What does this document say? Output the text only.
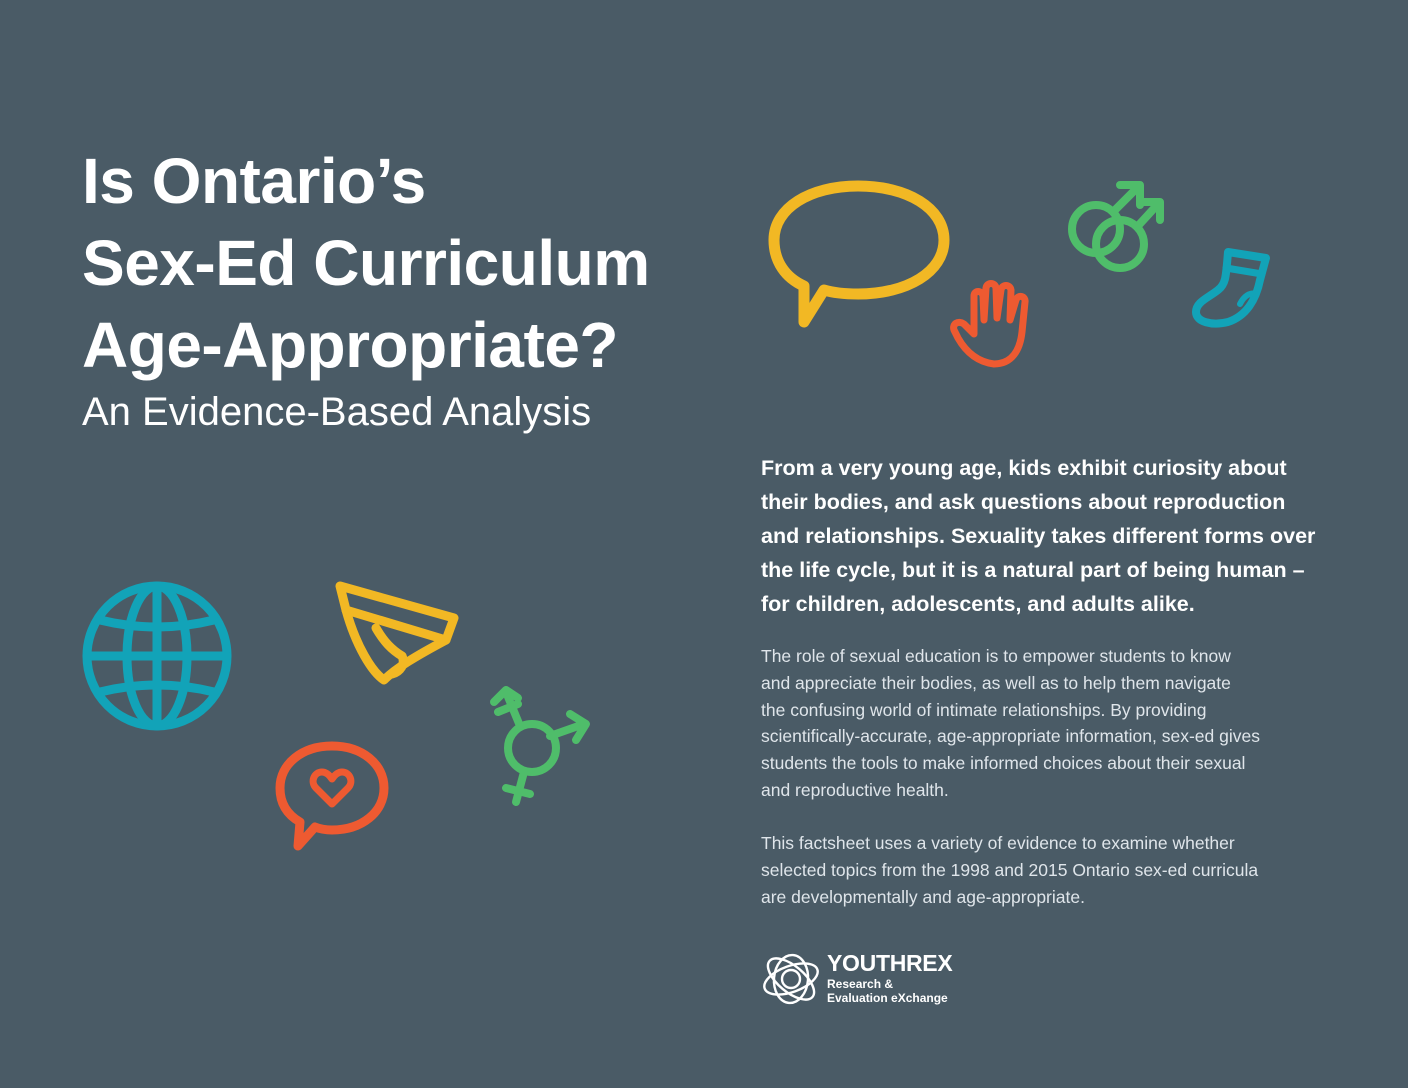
Is Ontario’s
Sex-Ed Curriculum
Age-Appropriate?
An Evidence-Based Analysis

From a very young age, kids exhibit curiosity about
their bodies, and ask questions about reproduction
and relationships. Sexuality takes different forms over
the life cycle, but it is a natural part of being human –
for children, adolescents, and adults alike.

The role of sexual education is to empower students to know
and appreciate their bodies, as well as to help them navigate
the confusing world of intimate relationships. By providing
scientifically-accurate, age-appropriate information, sex-ed gives
students the tools to make informed choices about their sexual
and reproductive health.

This factsheet uses a variety of evidence to examine whether
selected topics from the 1998 and 2015 Ontario sex-ed curricula
are developmentally and age-appropriate.

YOUTHREX
Research &
Evaluation eXchange
